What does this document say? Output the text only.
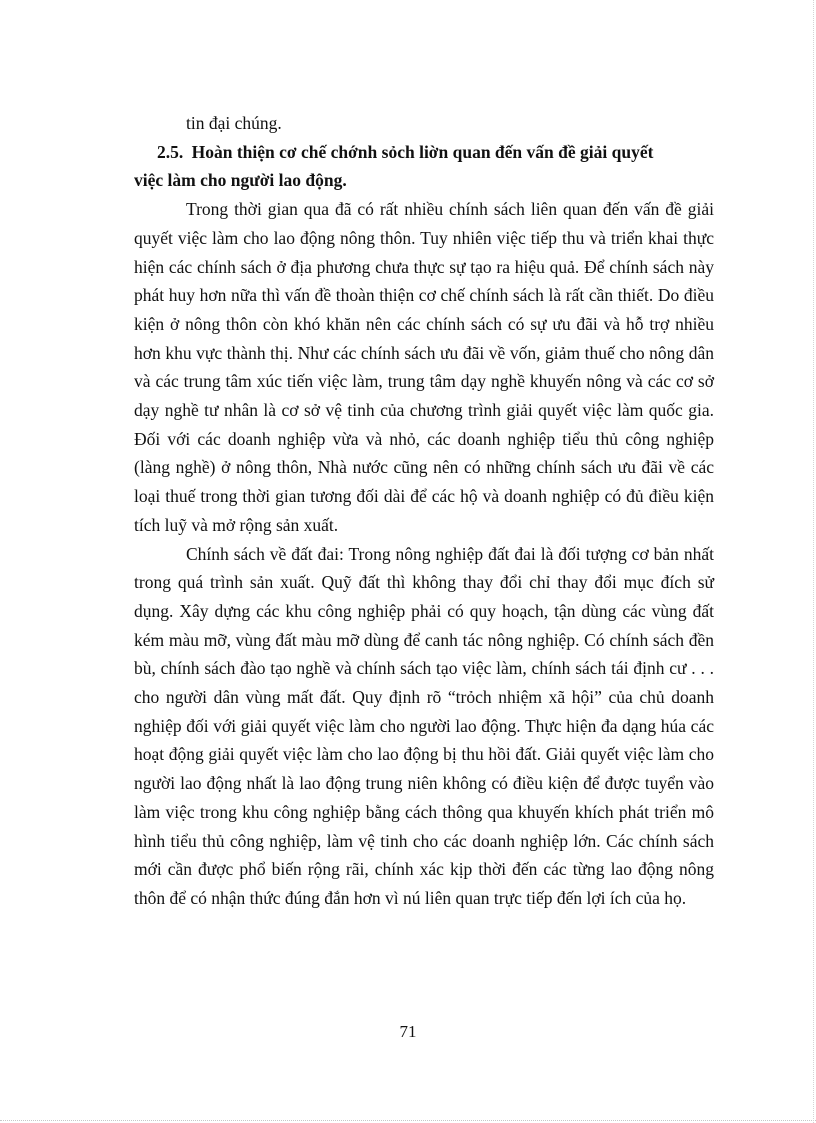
tin đại chúng.

2.5. Hoàn thiện cơ chế chớnh sỏch liờn quan đến vấn đề giải quyết

việc làm cho người lao động.

Trong thời gian qua đã có rất nhiều chính sách liên quan đến vấn đề giải quyết việc làm cho lao động nông thôn. Tuy nhiên việc tiếp thu và triển khai thực hiện các chính sách ở địa phương chưa thực sự tạo ra hiệu quả. Để chính sách này phát huy hơn nữa thì vấn đề thoàn thiện cơ chế chính sách là rất cần thiết. Do điều kiện ở nông thôn còn khó khăn nên các chính sách có sự ưu đãi và hỗ trợ nhiều hơn khu vực thành thị. Như các chính sách ưu đãi về vốn, giảm thuế cho nông dân và các trung tâm xúc tiến việc làm, trung tâm dạy nghề khuyến nông và các cơ sở dạy nghề tư nhân là cơ sở vệ tinh của chương trình giải quyết việc làm quốc gia. Đối với các doanh nghiệp vừa và nhỏ, các doanh nghiệp tiểu thủ công nghiệp (làng nghề) ở nông thôn, Nhà nước cũng nên có những chính sách ưu đãi về các loại thuế trong thời gian tương đối dài để các hộ và doanh nghiệp có đủ điều kiện tích luỹ và mở rộng sản xuất.

Chính sách về đất đai: Trong nông nghiệp đất đai là đối tượng cơ bản nhất trong quá trình sản xuất. Quỹ đất thì không thay đổi chỉ thay đổi mục đích sử dụng. Xây dựng các khu công nghiệp phải có quy hoạch, tận dùng các vùng đất kém màu mỡ, vùng đất màu mỡ dùng để canh tác nông nghiệp. Có chính sách đền bù, chính sách đào tạo nghề và chính sách tạo việc làm, chính sách tái định cư . . . cho người dân vùng mất đất. Quy định rõ “trỏch nhiệm xã hội” của chủ doanh nghiệp đối với giải quyết việc làm cho người lao động. Thực hiện đa dạng húa các hoạt động giải quyết việc làm cho lao động bị thu hồi đất. Giải quyết việc làm cho người lao động nhất là lao động trung niên không có điều kiện để được tuyển vào làm việc trong khu công nghiệp bằng cách thông qua khuyến khích phát triển mô hình tiểu thủ công nghiệp, làm vệ tinh cho các doanh nghiệp lớn. Các chính sách mới cần được phổ biến rộng rãi, chính xác kịp thời đến các từng lao động nông thôn để có nhận thức đúng đắn hơn vì nú liên quan trực tiếp đến lợi ích của họ.

71
